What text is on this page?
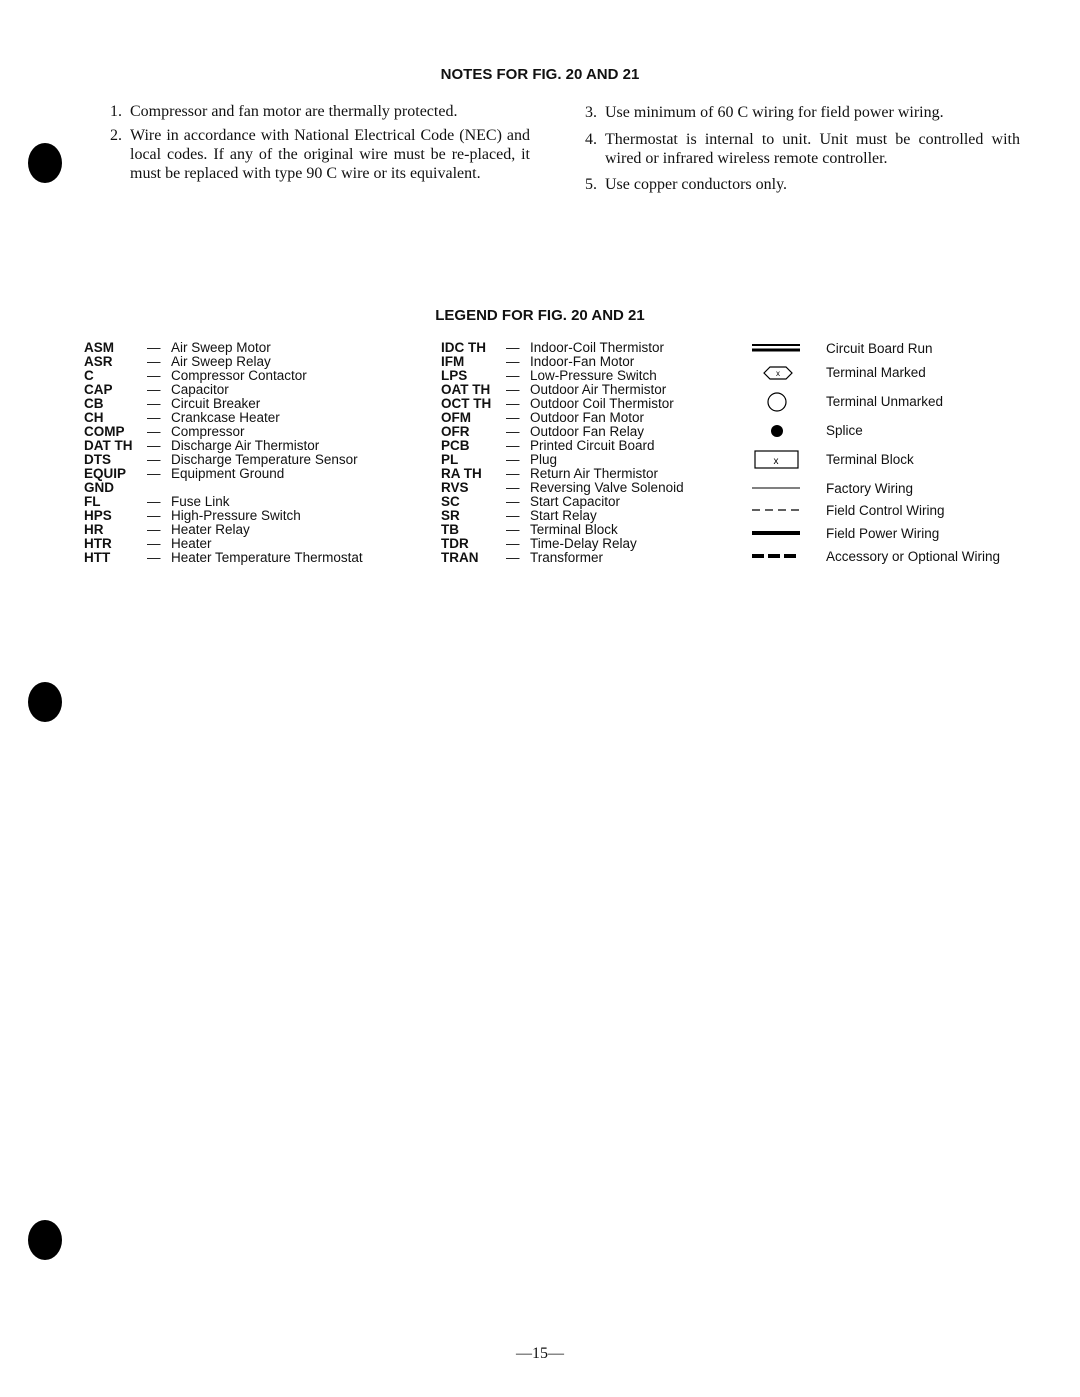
NOTES FOR FIG. 20 AND 21
1. Compressor and fan motor are thermally protected.
2. Wire in accordance with National Electrical Code (NEC) and local codes. If any of the original wire must be re-placed, it must be replaced with type 90 C wire or its equivalent.
3. Use minimum of 60 C wiring for field power wiring.
4. Thermostat is internal to unit. Unit must be controlled with wired or infrared wireless remote controller.
5. Use copper conductors only.
LEGEND FOR FIG. 20 AND 21
ASM	— Air Sweep Motor
ASR	— Air Sweep Relay
C	— Compressor Contactor
CAP	— Capacitor
CB	— Circuit Breaker
CH	— Crankcase Heater
COMP	— Compressor
DAT TH	— Discharge Air Thermistor
DTS	— Discharge Temperature Sensor
EQUIP	— Equipment Ground
GND
FL	— Fuse Link
HPS	— High-Pressure Switch
HR	— Heater Relay
HTR	— Heater
HTT	— Heater Temperature Thermostat
IDC TH	— Indoor-Coil Thermistor
IFM	— Indoor-Fan Motor
LPS	— Low-Pressure Switch
OAT TH	— Outdoor Air Thermistor
OCT TH	— Outdoor Coil Thermistor
OFM	— Outdoor Fan Motor
OFR	— Outdoor Fan Relay
PCB	— Printed Circuit Board
PL	— Plug
RA TH	— Return Air Thermistor
RVS	— Reversing Valve Solenoid
SC	— Start Capacitor
SR	— Start Relay
TB	— Terminal Block
TDR	— Time-Delay Relay
TRAN	— Transformer
Circuit Board Run
x	Terminal Marked
Terminal Unmarked
Splice
x	Terminal Block
Factory Wiring
Field Control Wiring
Field Power Wiring
Accessory or Optional Wiring
—15—
